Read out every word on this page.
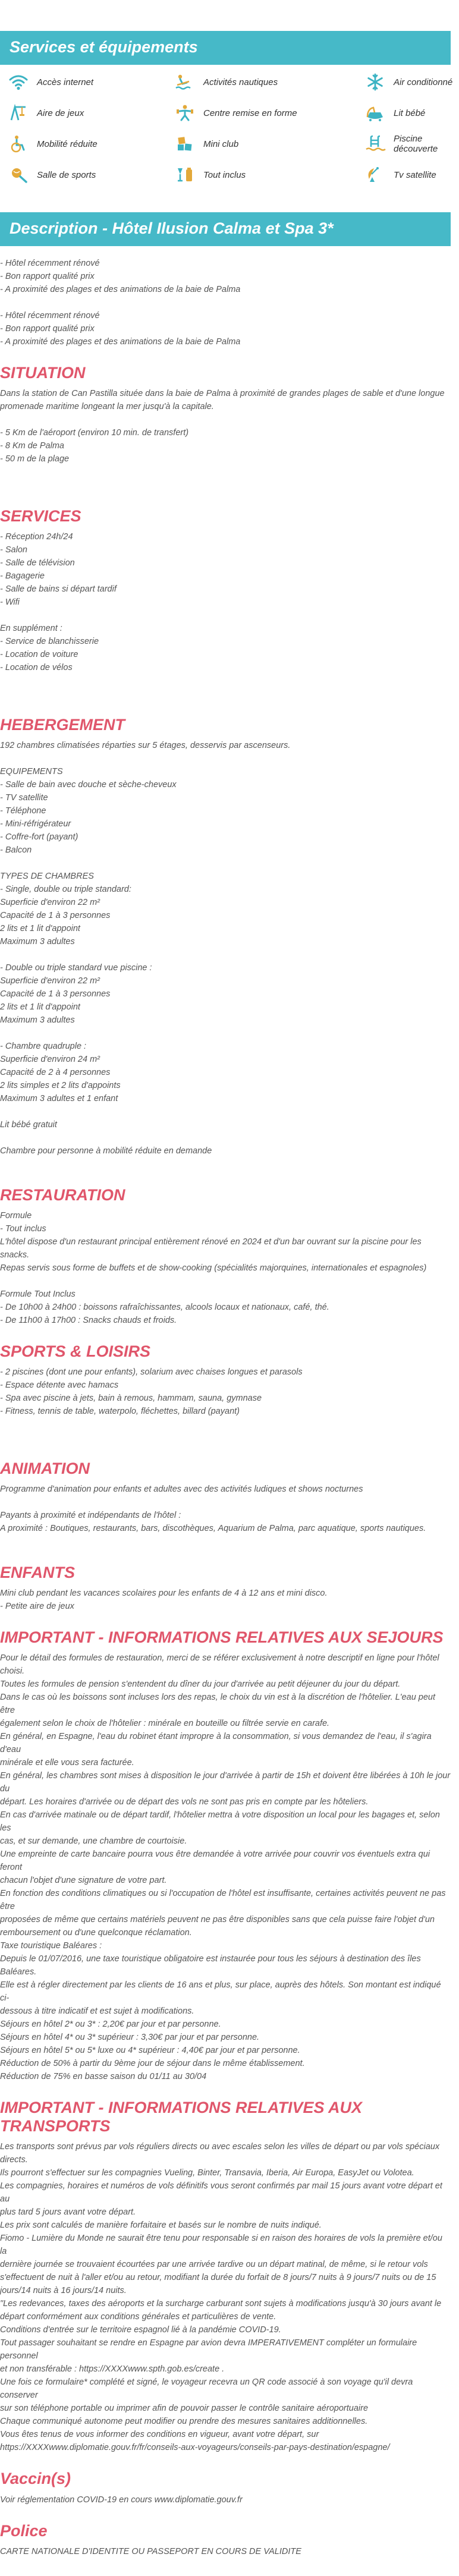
Services et équipements
Accès internet	Activités nautiques	Air conditionné
Aire de jeux	Centre remise en forme	Lit bébé
Mobilité réduite	Mini club	Piscine découverte
Salle de sports	Tout inclus	Tv satellite
Description - Hôtel Ilusion Calma et Spa 3*
- Hôtel récemment rénové
- Bon rapport qualité prix
- A proximité des plages et des animations de la baie de Palma
- Hôtel récemment rénové
- Bon rapport qualité prix
- A proximité des plages et des animations de la baie de Palma
SITUATION
Dans la station de Can Pastilla située dans la baie de Palma à proximité de grandes plages de sable et d'une longue
promenade maritime longeant la mer jusqu'à la capitale.
- 5 Km de l'aéroport (environ 10 min. de transfert)
- 8 Km de Palma
- 50 m de la plage
SERVICES
- Réception 24h/24
- Salon
- Salle de télévision
- Bagagerie
- Salle de bains si départ tardif
- Wifi
En supplément :
- Service de blanchisserie
- Location de voiture
- Location de vélos
HEBERGEMENT
192 chambres climatisées réparties sur 5 étages, desservis par ascenseurs.
EQUIPEMENTS
- Salle de bain avec douche et sèche-cheveux
- TV satellite
- Téléphone
- Mini-réfrigérateur
- Coffre-fort (payant)
- Balcon
TYPES DE CHAMBRES
- Single, double ou triple standard:
Superficie d'environ 22 m²
Capacité de 1 à 3 personnes
2 lits et 1 lit d'appoint
Maximum 3 adultes
- Double ou triple standard vue piscine :
Superficie d'environ 22 m²
Capacité de 1 à 3 personnes
2 lits et 1 lit d'appoint
Maximum 3 adultes
- Chambre quadruple :
Superficie d'environ 24 m²
Capacité de 2 à 4 personnes
2 lits simples et 2 lits d'appoints
Maximum 3 adultes et 1 enfant
Lit bébé gratuit
Chambre pour personne à mobilité réduite en demande
RESTAURATION
Formule
- Tout inclus
L'hôtel dispose d'un restaurant principal entièrement rénové en 2024 et d'un bar ouvrant sur la piscine pour les snacks.
Repas servis sous forme de buffets et de show-cooking (spécialités majorquines, internationales et espagnoles)
Formule Tout Inclus
- De 10h00 à 24h00 : boissons rafraîchissantes, alcools locaux et nationaux, café, thé.
- De 11h00 à 17h00 : Snacks chauds et froids.
SPORTS & LOISIRS
- 2 piscines (dont une pour enfants), solarium avec chaises longues et parasols
- Espace détente avec hamacs
- Spa avec piscine à jets, bain à remous, hammam, sauna, gymnase
- Fitness, tennis de table, waterpolo, fléchettes, billard (payant)
ANIMATION
Programme d'animation pour enfants et adultes avec des activités ludiques et shows nocturnes
Payants à proximité et indépendants de l'hôtel :
A proximité : Boutiques, restaurants, bars, discothèques, Aquarium de Palma, parc aquatique, sports nautiques.
ENFANTS
Mini club pendant les vacances scolaires pour les enfants de 4 à 12 ans et mini disco.
- Petite aire de jeux
IMPORTANT - INFORMATIONS RELATIVES AUX SEJOURS
Pour le détail des formules de restauration, merci de se référer exclusivement à notre descriptif en ligne pour l'hôtel
choisi.
Toutes les formules de pension s'entendent du dîner du jour d'arrivée au petit déjeuner du jour du départ.
Dans le cas où les boissons sont incluses lors des repas, le choix du vin est à la discrétion de l'hôtelier. L'eau peut être
également selon le choix de l'hôtelier : minérale en bouteille ou filtrée servie en carafe.
En général, en Espagne, l'eau du robinet étant impropre à la consommation, si vous demandez de l'eau, il s'agira d'eau
minérale et elle vous sera facturée.
En général, les chambres sont mises à disposition le jour d'arrivée à partir de 15h et doivent être libérées à 10h le jour du
départ. Les horaires d'arrivée ou de départ des vols ne sont pas pris en compte par les hôteliers.
En cas d'arrivée matinale ou de départ tardif, l'hôtelier mettra à votre disposition un local pour les bagages et, selon les
cas, et sur demande, une chambre de courtoisie.
Une empreinte de carte bancaire pourra vous être demandée à votre arrivée pour couvrir vos éventuels extra qui feront
chacun l'objet d'une signature de votre part.
En fonction des conditions climatiques ou si l'occupation de l'hôtel est insuffisante, certaines activités peuvent ne pas être
proposées de même que certains matériels peuvent ne pas être disponibles sans que cela puisse faire l'objet d'un
remboursement ou d'une quelconque réclamation.
Taxe touristique Baléares :
Depuis le 01/07/2016, une taxe touristique obligatoire est instaurée pour tous les séjours à destination des îles Baléares.
Elle est à régler directement par les clients de 16 ans et plus, sur place, auprès des hôtels. Son montant est indiqué ci-
dessous à titre indicatif et est sujet à modifications.
Séjours en hôtel 2* ou 3* : 2,20€ par jour et par personne.
Séjours en hôtel 4* ou 3* supérieur : 3,30€ par jour et par personne.
Séjours en hôtel 5* ou 5* luxe ou 4* supérieur : 4,40€ par jour et par personne.
Réduction de 50% à partir du 9ème jour de séjour dans le même établissement.
Réduction de 75% en basse saison du 01/11 au 30/04
IMPORTANT - INFORMATIONS RELATIVES AUX TRANSPORTS
Les transports sont prévus par vols réguliers directs ou avec escales selon les villes de départ ou par vols spéciaux
directs.
Ils pourront s'effectuer sur les compagnies Vueling, Binter, Transavia, Iberia, Air Europa, EasyJet ou Volotea.
Les compagnies, horaires et numéros de vols définitifs vous seront confirmés par mail 15 jours avant votre départ et au
plus tard 5 jours avant votre départ.
Les prix sont calculés de manière forfaitaire et basés sur le nombre de nuits indiqué.
Fiomo - Lumière du Monde ne saurait être tenu pour responsable si en raison des horaires de vols la première et/ou la
dernière journée se trouvaient écourtées par une arrivée tardive ou un départ matinal, de même, si le retour vols
s'effectuent de nuit à l'aller et/ou au retour, modifiant la durée du forfait de 8 jours/7 nuits à 9 jours/7 nuits ou de 15
jours/14 nuits à 16 jours/14 nuits.
"Les redevances, taxes des aéroports et la surcharge carburant sont sujets à modifications jusqu'à 30 jours avant le
départ conformément aux conditions générales et particulières de vente.
Conditions d'entrée sur le territoire espagnol lié à la pandémie COVID-19.
Tout passager souhaitant se rendre en Espagne par avion devra IMPERATIVEMENT compléter un formulaire personnel
et non transférable : https://XXXXwww.spth.gob.es/create .
Une fois ce formulaire* complété et signé, le voyageur recevra un QR code associé à son voyage qu'il devra conserver
sur son téléphone portable ou imprimer afin de pouvoir passer le contrôle sanitaire aéroportuaire
Chaque communiqué autonome peut modifier ou prendre des mesures sanitaires additionnelles.
Vous êtes tenus de vous informer des conditions en vigueur, avant votre départ, sur
https://XXXXwww.diplomatie.gouv.fr/fr/conseils-aux-voyageurs/conseils-par-pays-destination/espagne/
Vaccin(s)
Voir réglementation COVID-19 en cours www.diplomatie.gouv.fr
Police
CARTE NATIONALE D'IDENTITE OU PASSEPORT EN COURS DE VALIDITE
